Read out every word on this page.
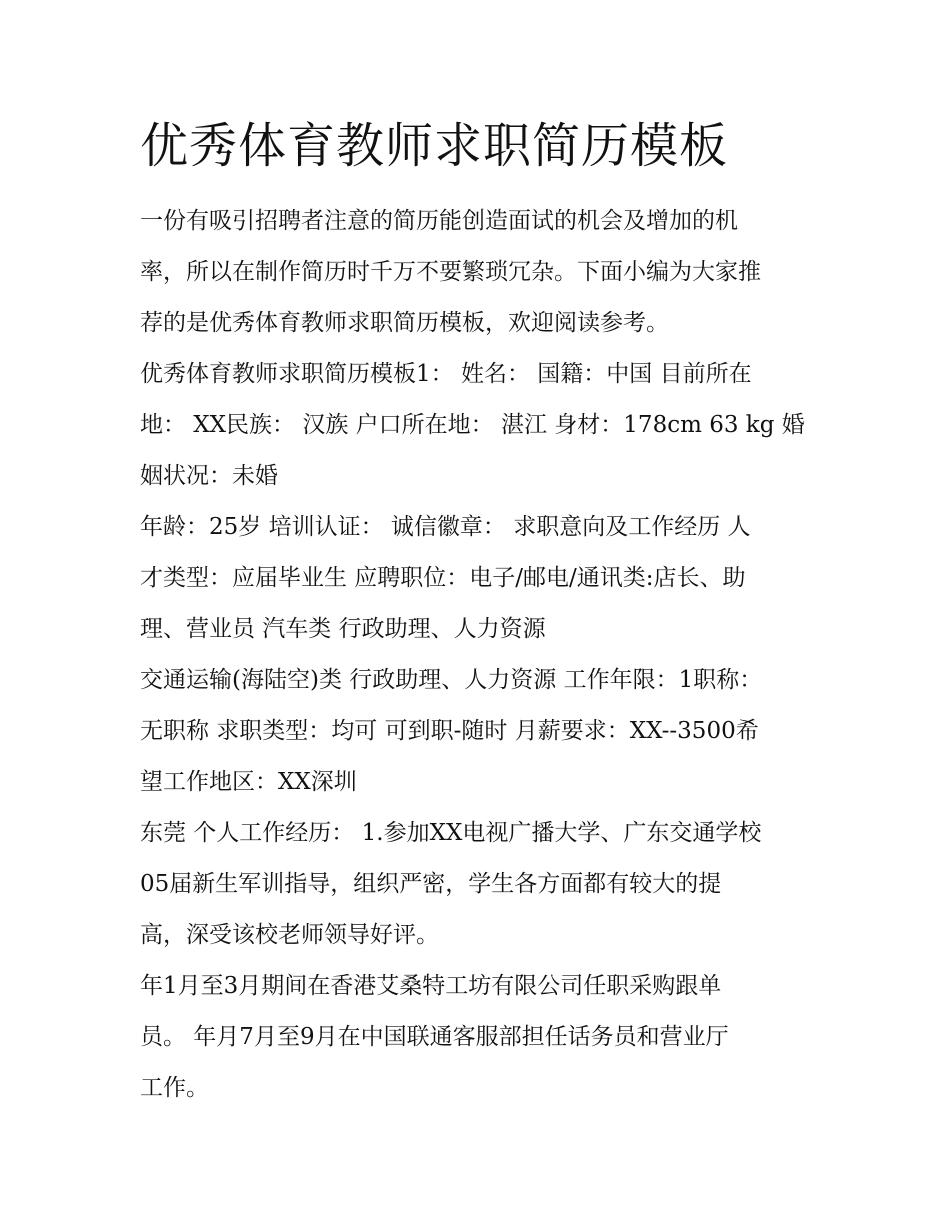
优秀体育教师求职简历模板

一份有吸引招聘者注意的简历能创造面试的机会及增加的机
率，所以在制作简历时千万不要繁琐冗杂。下面小编为大家推
荐的是优秀体育教师求职简历模板，欢迎阅读参考。

优秀体育教师求职简历模板1： 姓名： 国籍：中国 目前所在
地： XX民族： 汉族 户口所在地： 湛江 身材：178cm 63 kg 婚
姻状况：未婚

年龄：25岁 培训认证： 诚信徽章： 求职意向及工作经历 人
才类型：应届毕业生 应聘职位：电子/邮电/通讯类:店长、助
理、营业员 汽车类 行政助理、人力资源

交通运输(海陆空)类 行政助理、人力资源 工作年限：1职称：
无职称 求职类型：均可 可到职-随时 月薪要求：XX--3500希
望工作地区：XX深圳

东莞 个人工作经历： 1.参加XX电视广播大学、广东交通学校
05届新生军训指导，组织严密，学生各方面都有较大的提
高，深受该校老师领导好评。

年1月至3月期间在香港艾桑特工坊有限公司任职采购跟单
员。 年月7月至9月在中国联通客服部担任话务员和营业厅
工作。
